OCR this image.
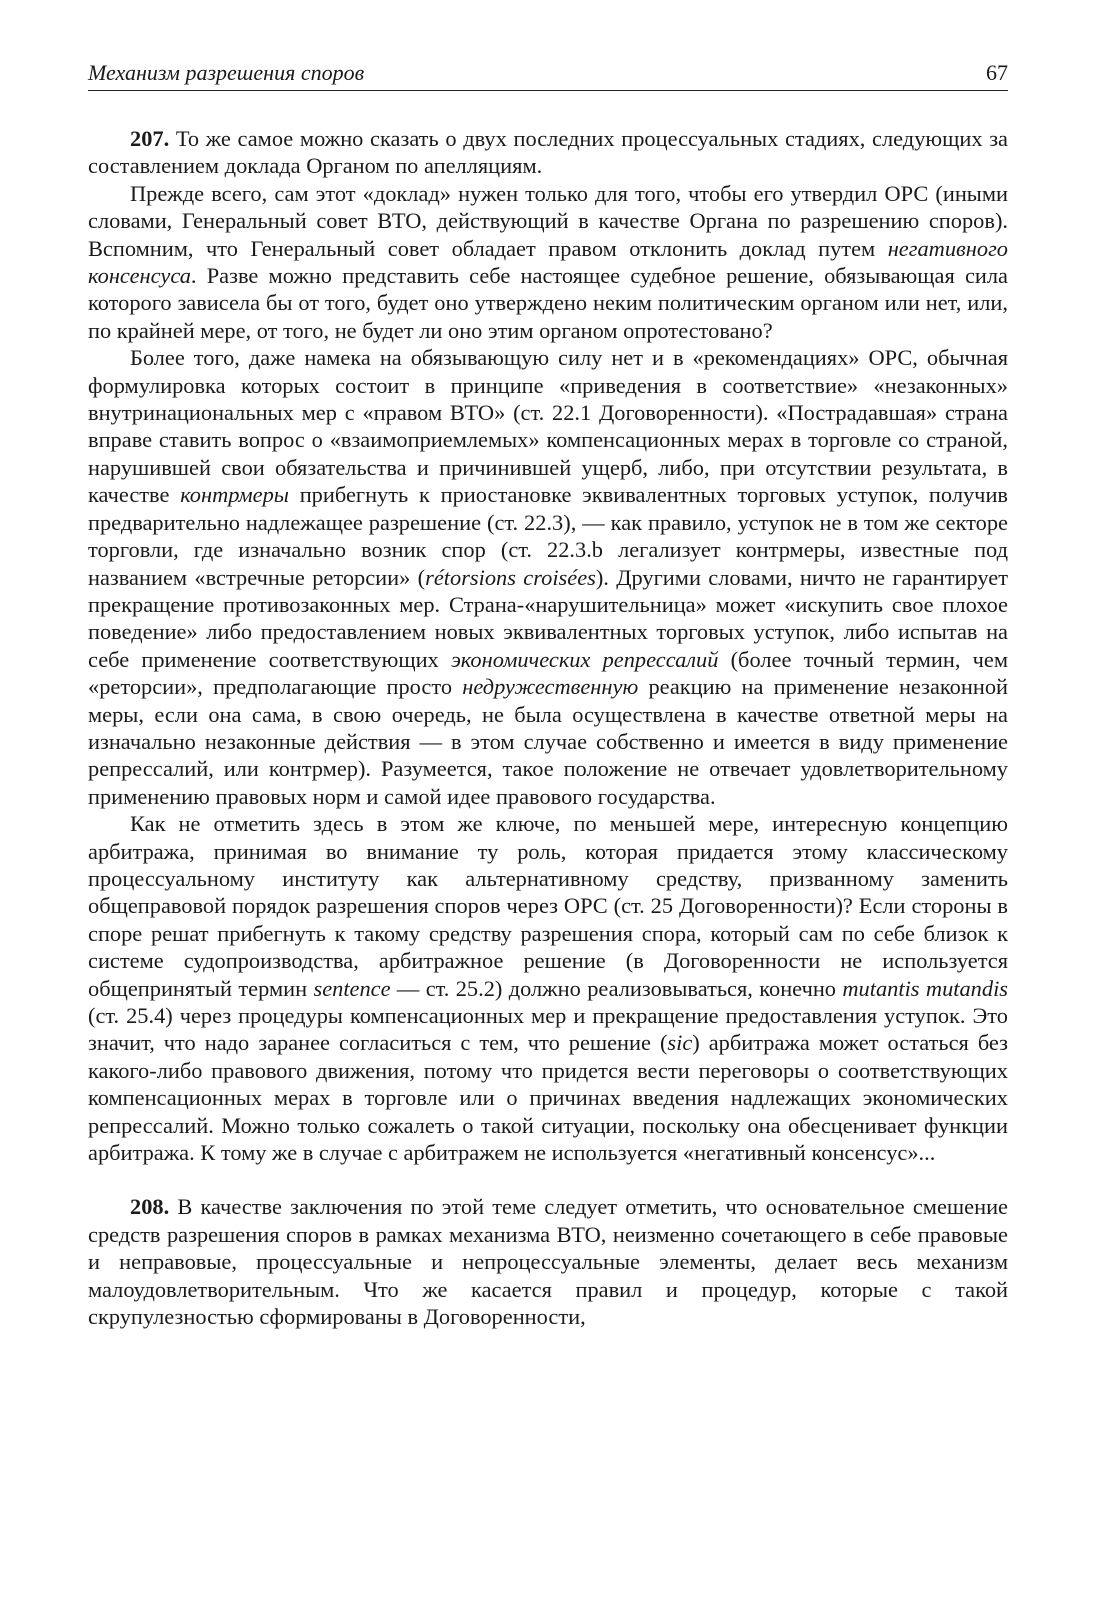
Механизм разрешения споров	67

207. То же самое можно сказать о двух последних процессуальных стадиях, следующих за составлением доклада Органом по апелляциям.

Прежде всего, сам этот «доклад» нужен только для того, чтобы его утвердил ОРС (иными словами, Генеральный совет ВТО, действующий в качестве Органа по разрешению споров). Вспомним, что Генеральный совет обладает правом отклонить доклад путем негативного консенсуса. Разве можно представить себе настоящее судебное решение, обязывающая сила которого зависела бы от того, будет оно утверждено неким политическим органом или нет, или, по крайней мере, от того, не будет ли оно этим органом опротестовано?

Более того, даже намека на обязывающую силу нет и в «рекомендациях» ОРС, обычная формулировка которых состоит в принципе «приведения в соответствие» «незаконных» внутринациональных мер с «правом ВТО» (ст. 22.1 Договоренности). «Пострадавшая» страна вправе ставить вопрос о «взаимоприемлемых» компенсационных мерах в торговле со страной, нарушившей свои обязательства и причинившей ущерб, либо, при отсутствии результата, в качестве контрмеры прибегнуть к приостановке эквивалентных торговых уступок, получив предварительно надлежащее разрешение (ст. 22.3), — как правило, уступок не в том же секторе торговли, где изначально возник спор (ст. 22.3.b легализует контрмеры, известные под названием «встречные реторсии» (rétorsions croisées). Другими словами, ничто не гарантирует прекращение противозаконных мер. Страна-«нарушительница» может «искупить свое плохое поведение» либо предоставлением новых эквивалентных торговых уступок, либо испытав на себе применение соответствующих экономических репрессалий (более точный термин, чем «реторсии», предполагающие просто недружественную реакцию на применение незаконной меры, если она сама, в свою очередь, не была осуществлена в качестве ответной меры на изначально незаконные действия — в этом случае собственно и имеется в виду применение репрессалий, или контрмер). Разумеется, такое положение не отвечает удовлетворительному применению правовых норм и самой идее правового государства.

Как не отметить здесь в этом же ключе, по меньшей мере, интересную концепцию арбитража, принимая во внимание ту роль, которая придается этому классическому процессуальному институту как альтернативному средству, призванному заменить общеправовой порядок разрешения споров через ОРС (ст. 25 Договоренности)? Если стороны в споре решат прибегнуть к такому средству разрешения спора, который сам по себе близок к системе судопроизводства, арбитражное решение (в Договоренности не используется общепринятый термин sentence — ст. 25.2) должно реализовываться, конечно mutantis mutandis (ст. 25.4) через процедуры компенсационных мер и прекращение предоставления уступок. Это значит, что надо заранее согласиться с тем, что решение (sic) арбитража может остаться без какого-либо правового движения, потому что придется вести переговоры о соответствующих компенсационных мерах в торговле или о причинах введения надлежащих экономических репрессалий. Можно только сожалеть о такой ситуации, поскольку она обесценивает функции арбитража. К тому же в случае с арбитражем не используется «негативный консенсус»...

208. В качестве заключения по этой теме следует отметить, что основательное смешение средств разрешения споров в рамках механизма ВТО, неизменно сочетающего в себе правовые и неправовые, процессуальные и непроцессуальные элементы, делает весь механизм малоудовлетворительным. Что же касается правил и процедур, которые с такой скрупулезностью сформированы в Договоренности,
